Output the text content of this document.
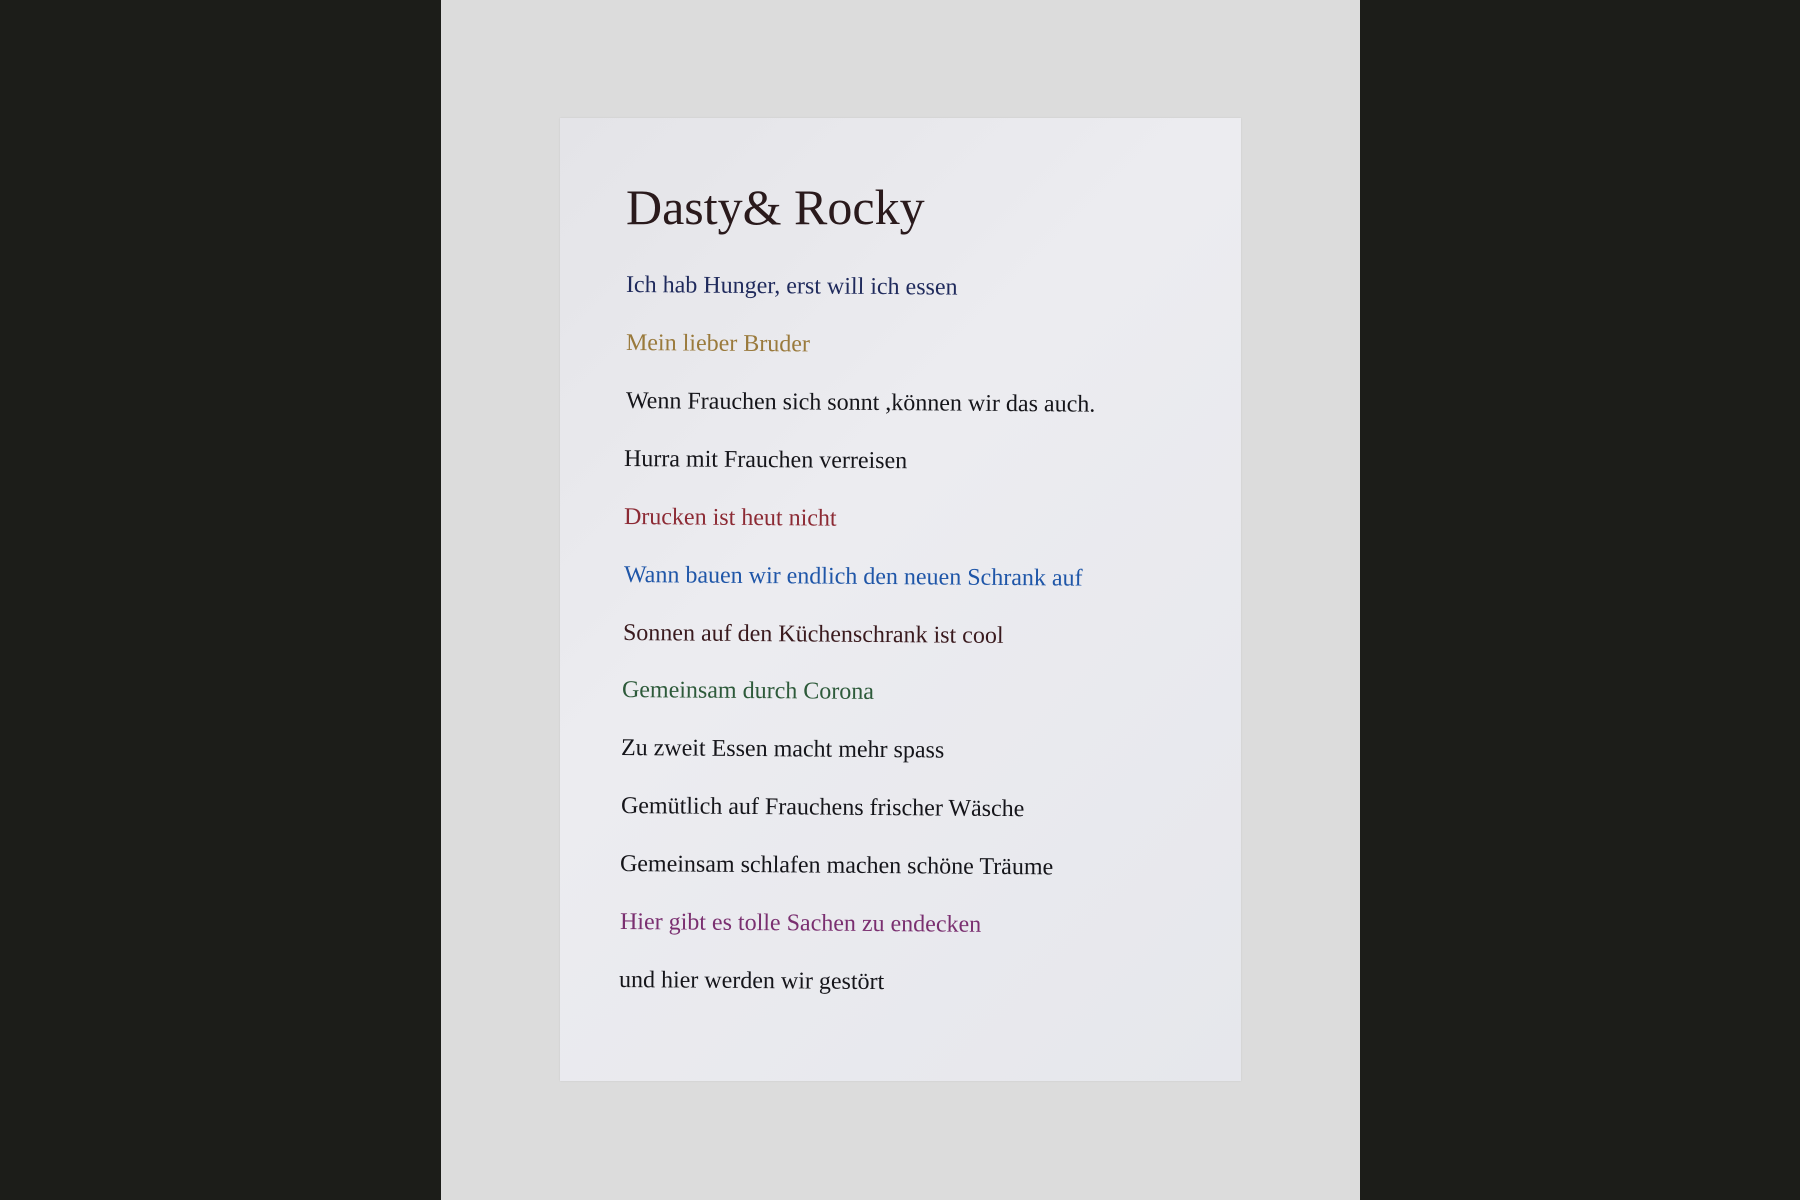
Dasty& Rocky

Ich hab Hunger, erst will ich essen

Mein lieber Bruder

Wenn Frauchen sich sonnt ,können wir das auch.

Hurra mit Frauchen verreisen

Drucken ist heut nicht

Wann bauen wir endlich den neuen Schrank auf

Sonnen auf den Küchenschrank ist cool

Gemeinsam durch Corona

Zu zweit Essen macht mehr spass

Gemütlich auf Frauchens frischer Wäsche

Gemeinsam schlafen machen schöne Träume

Hier gibt es tolle Sachen zu endecken

und hier werden wir gestört
